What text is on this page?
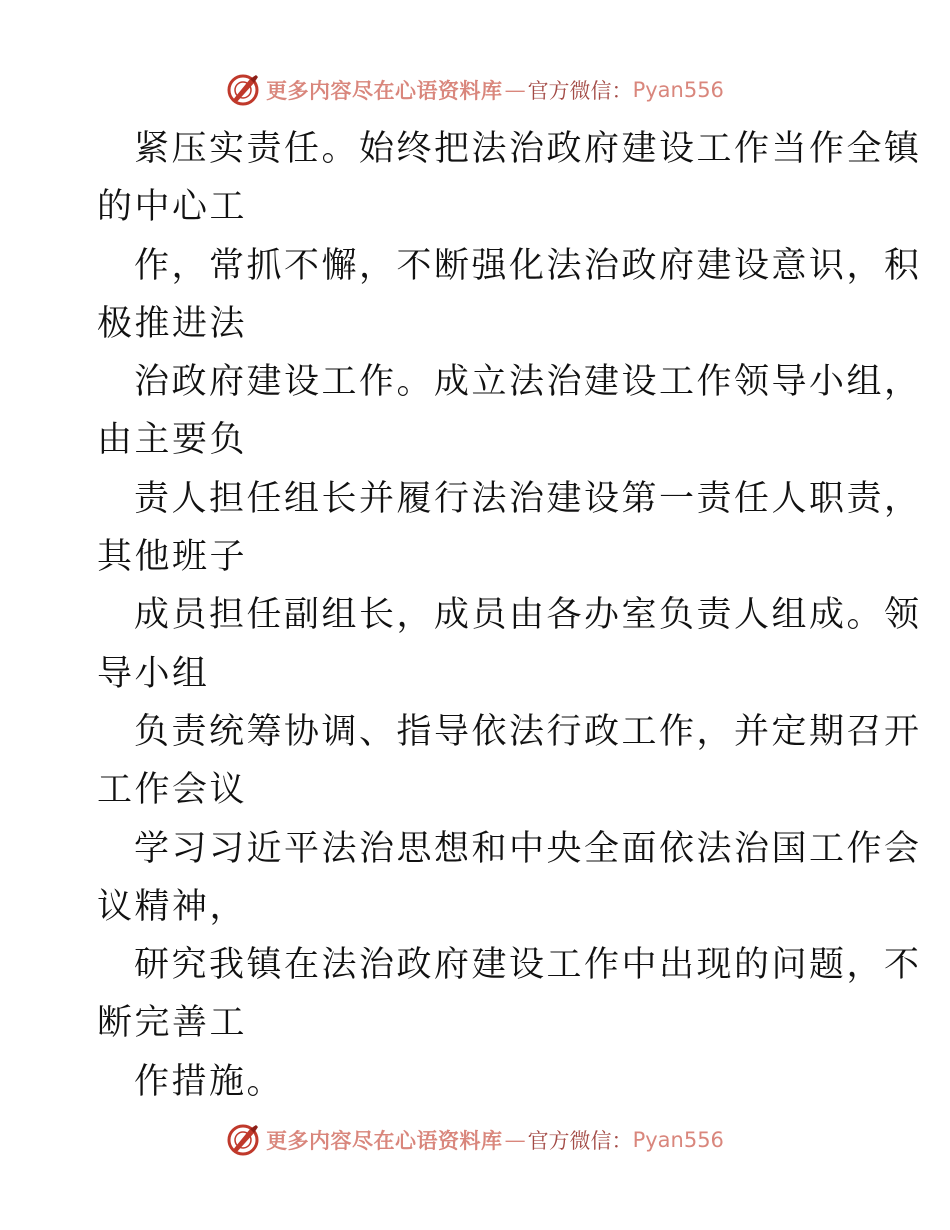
更多内容尽在心语资料库 — 官方微信： Pyan556
紧压实责任。始终把法治政府建设工作当作全镇
的中心工
作，常抓不懈，不断强化法治政府建设意识，积
极推进法
治政府建设工作。成立法治建设工作领导小组，
由主要负
责人担任组长并履行法治建设第一责任人职责，
其他班子
成员担任副组长，成员由各办室负责人组成。领
导小组
负责统筹协调、指导依法行政工作，并定期召开
工作会议
学习习近平法治思想和中央全面依法治国工作会
议精神，
研究我镇在法治政府建设工作中出现的问题，不
断完善工
作措施。
更多内容尽在心语资料库 — 官方微信： Pyan556
